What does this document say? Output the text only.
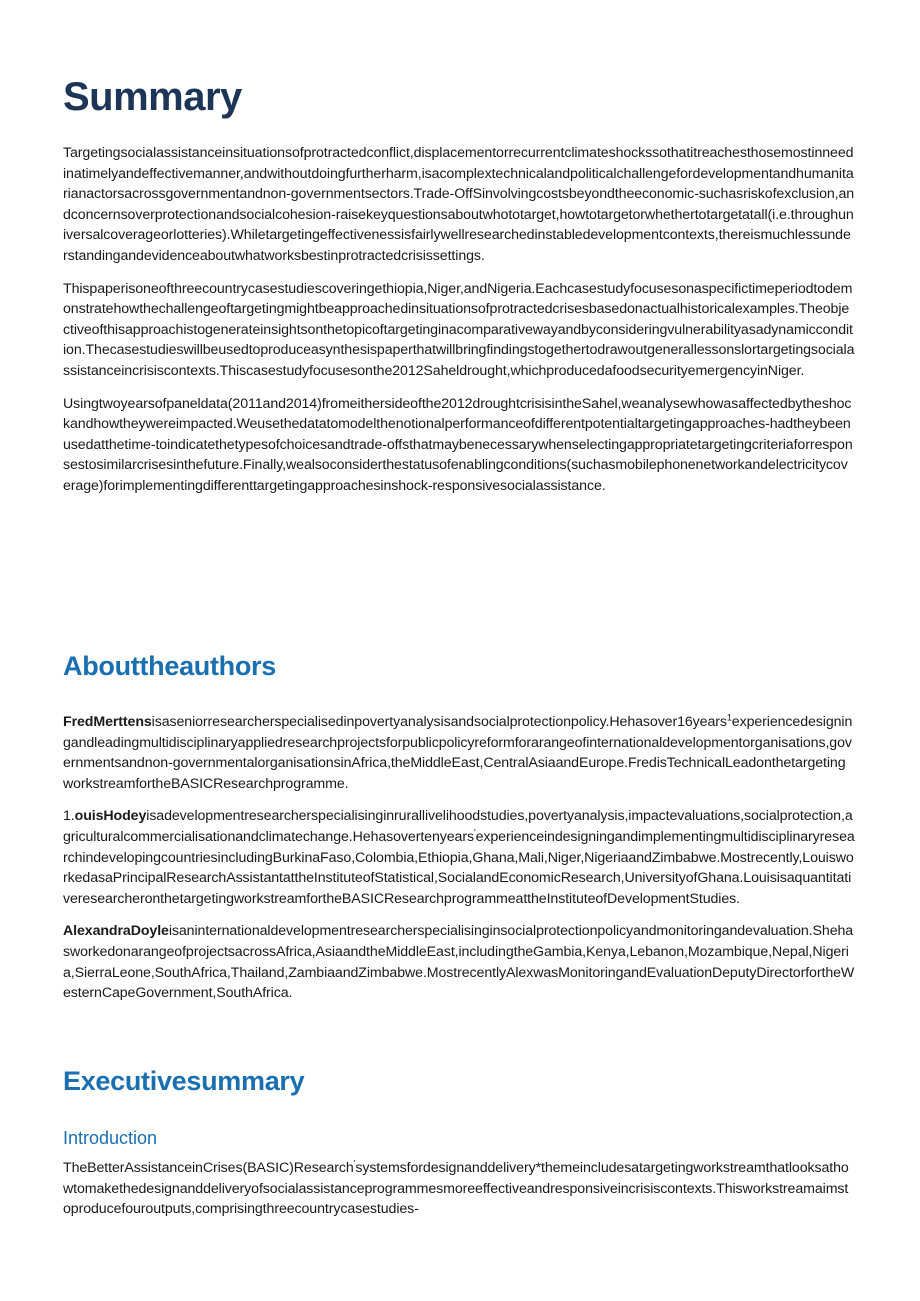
Summary

Targetingsocialassistanceinsituationsofprotractedconflict,displacementorrecurrentclimateshockssothatitreachesthosemostinneedinatimelyandeffectivemanner,andwithoutdoingfurtherharm,isacomplextechnicalandpoliticalchallengefordevelopmentandhumanitarianactorsacrossgovernmentandnon-governmentsectors.Trade-OffSinvolvingcostsbeyondtheeconomic-suchasriskofexclusion,andconcernsoverprotectionandsocialcohesion-raisekeyquestionsaboutwhototarget,howtotargetorwhethertotargetatall(i.e.throughuniversalcoverageorlotteries).Whiletargetingeffectivenessisfairlywellresearchedinstabledevelopmentcontexts,thereismuchlessunderstandingandevidenceaboutwhatworksbestinprotractedcrisissettings.

Thispaperisoneofthreecountrycasestudiescoveringethiopia,Niger,andNigeria.Eachcasestudyfocusesonaspecifictimeperiodtodemonstratehowthechallengeoftargetingmightbeapproachedinsituationsofprotractedcrisesbasedonactualhistoricalexamples.Theobjectiveofthisapproachistogenerateinsightsonthetopicoftargetinginacomparativewayandbyconsideringvulnerabilityasadynamiccondition.Thecasestudieswillbeusedtoproduceasynthesispaperthatwillbringfindingstogethertodrawoutgenerallessonslortargetingsocialassistanceincrisiscontexts.Thiscasestudyfocusesonthe2012Saheldrought,whichproducedafoodsecurityemergencyinNiger.

Usingtwoyearsofpaneldata(2011and2014)fromeithersideofthe2012droughtcrisisintheSahel,weanalysewhowasaffectedbytheshockandhowtheywereimpacted.Weusethedatatomodelthenotionalperformanceofdifferentpotentialtargetingapproaches-hadtheybeenusedatthetime-toindicatethetypesofchoicesandtrade-offsthatmaybenecessarywhenselectingappropriatetargetingcriteriaforresponsestosimilarcrisesinthefuture.Finally,wealsoconsiderthestatusofenablingconditions(suchasmobilephonenetworkandelectricitycoverage)forimplementingdifferenttargetingapproachesinshock-responsivesocialassistance.

Abouttheauthors

FredMerttensisaseniorresearcherspecialisedinpovertyanalysisandsocialprotectionpolicy.Hehasover16years$^1$experiencedesigningandleadingmultidisciplinaryappliedresearchprojectsforpublicpolicyreformforarangeofinternationaldevelopmentorganisations,governmentsandnon-governmentalorganisationsinAfrica,theMiddleEast,CentralAsiaandEurope.FredisTechnicalLeadonthetargetingworkstreamfortheBASICResearchprogramme.

1.ouisHodeyisadevelopmentresearcherspecialisinginrurallivelihoodstudies,povertyanalysis,impactevaluations,socialprotection,agriculturalcommercialisationandclimatechange.Hehasovertenyears'experienceindesigningandimplementingmultidisciplinaryresearchindevelopingcountriesincludingBurkinaFaso,Colombia,Ethiopia,Ghana,Mali,Niger,NigeriaandZimbabwe.Mostrecently,LouisworkedasaPrincipalResearchAssistantattheInstituteofStatistical,SocialandEconomicResearch,UniversityofGhana.LouisisaquantitativeresearcheronthetargetingworkstreamfortheBASICResearchprogrammeattheInstituteofDevelopmentStudies.

AlexandraDoyleisaninternationaldevelopmentresearcherspecialisinginsocialprotectionpolicyandmonitoringandevaluation.ShehasworkedonarangeofprojectsacrossAfrica,AsiaandtheMiddleEast,includingtheGambia,Kenya,Lebanon,Mozambique,Nepal,Nigeria,SierraLeone,SouthAfrica,Thailand,ZambiaandZimbabwe.MostrecentlyAlexwasMonitoringandEvaluationDeputyDirectorfortheWesternCapeGovernment,SouthAfrica.

Executivesummary
Introduction

TheBetterAssistanceinCrises(BASIC)Research'systemsfordesignanddelivery*themeincludesatargetingworkstreamthatlooksathowtomakethedesignanddeliveryofsocialassistanceprogrammesmoreeffectiveandresponsiveincrisiscontexts.Thisworkstreamaimstoproducefouroutputs,comprisingthreecountrycasestudies-
